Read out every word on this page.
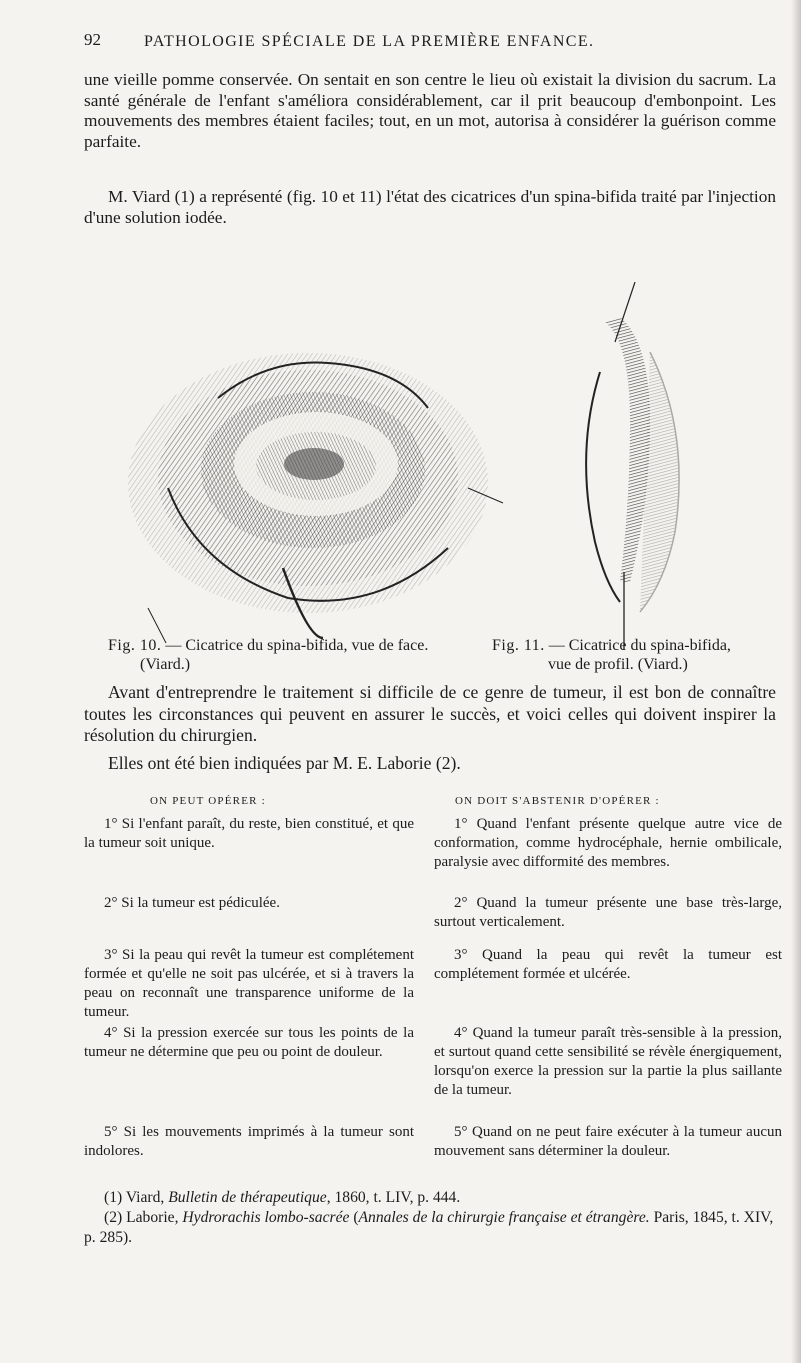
92	PATHOLOGIE SPÉCIALE DE LA PREMIÈRE ENFANCE.

une vieille pomme conservée. On sentait en son centre le lieu où existait la division du sacrum. La santé générale de l'enfant s'améliora considérablement, car il prit beaucoup d'embonpoint. Les mouvements des membres étaient faciles; tout, en un mot, autorisa à considérer la guérison comme parfaite.

M. Viard (1) a représenté (fig. 10 et 11) l'état des cicatrices d'un spina-bifida traité par l'injection d'une solution iodée.

Fig. 10. — Cicatrice du spina-bifida, vue de face.

(Viard.)

Fig. 11. — Cicatrice du spina-bifida,

vue de profil. (Viard.)

Avant d'entreprendre le traitement si difficile de ce genre de tumeur, il est bon de connaître toutes les circonstances qui peuvent en assurer le succès, et voici celles qui doivent inspirer la résolution du chirurgien.

Elles ont été bien indiquées par M. E. Laborie (2).

ON PEUT OPÉRER :	ON DOIT S'ABSTENIR D'OPÉRER :

1° Si l'enfant paraît, du reste, bien constitué, et que la tumeur soit unique.

2° Si la tumeur est pédiculée.

3° Si la peau qui revêt la tumeur est complétement formée et qu'elle ne soit pas ulcérée, et si à travers la peau on reconnaît une transparence uniforme de la tumeur.

4° Si la pression exercée sur tous les points de la tumeur ne détermine que peu ou point de douleur.

5° Si les mouvements imprimés à la tumeur sont indolores.

1° Quand l'enfant présente quelque autre vice de conformation, comme hydrocéphale, hernie ombilicale, paralysie avec difformité des membres.

2° Quand la tumeur présente une base très-large, surtout verticalement.

3° Quand la peau qui revêt la tumeur est complétement formée et ulcérée.

4° Quand la tumeur paraît très-sensible à la pression, et surtout quand cette sensibilité se révèle énergiquement, lorsqu'on exerce la pression sur la partie la plus saillante de la tumeur.

5° Quand on ne peut faire exécuter à la tumeur aucun mouvement sans déterminer la douleur.

(1) Viard, Bulletin de thérapeutique, 1860, t. LIV, p. 444.

(2) Laborie, Hydrorachis lombo-sacrée (Annales de la chirurgie française et étrangère. Paris, 1845, t. XIV, p. 285).
